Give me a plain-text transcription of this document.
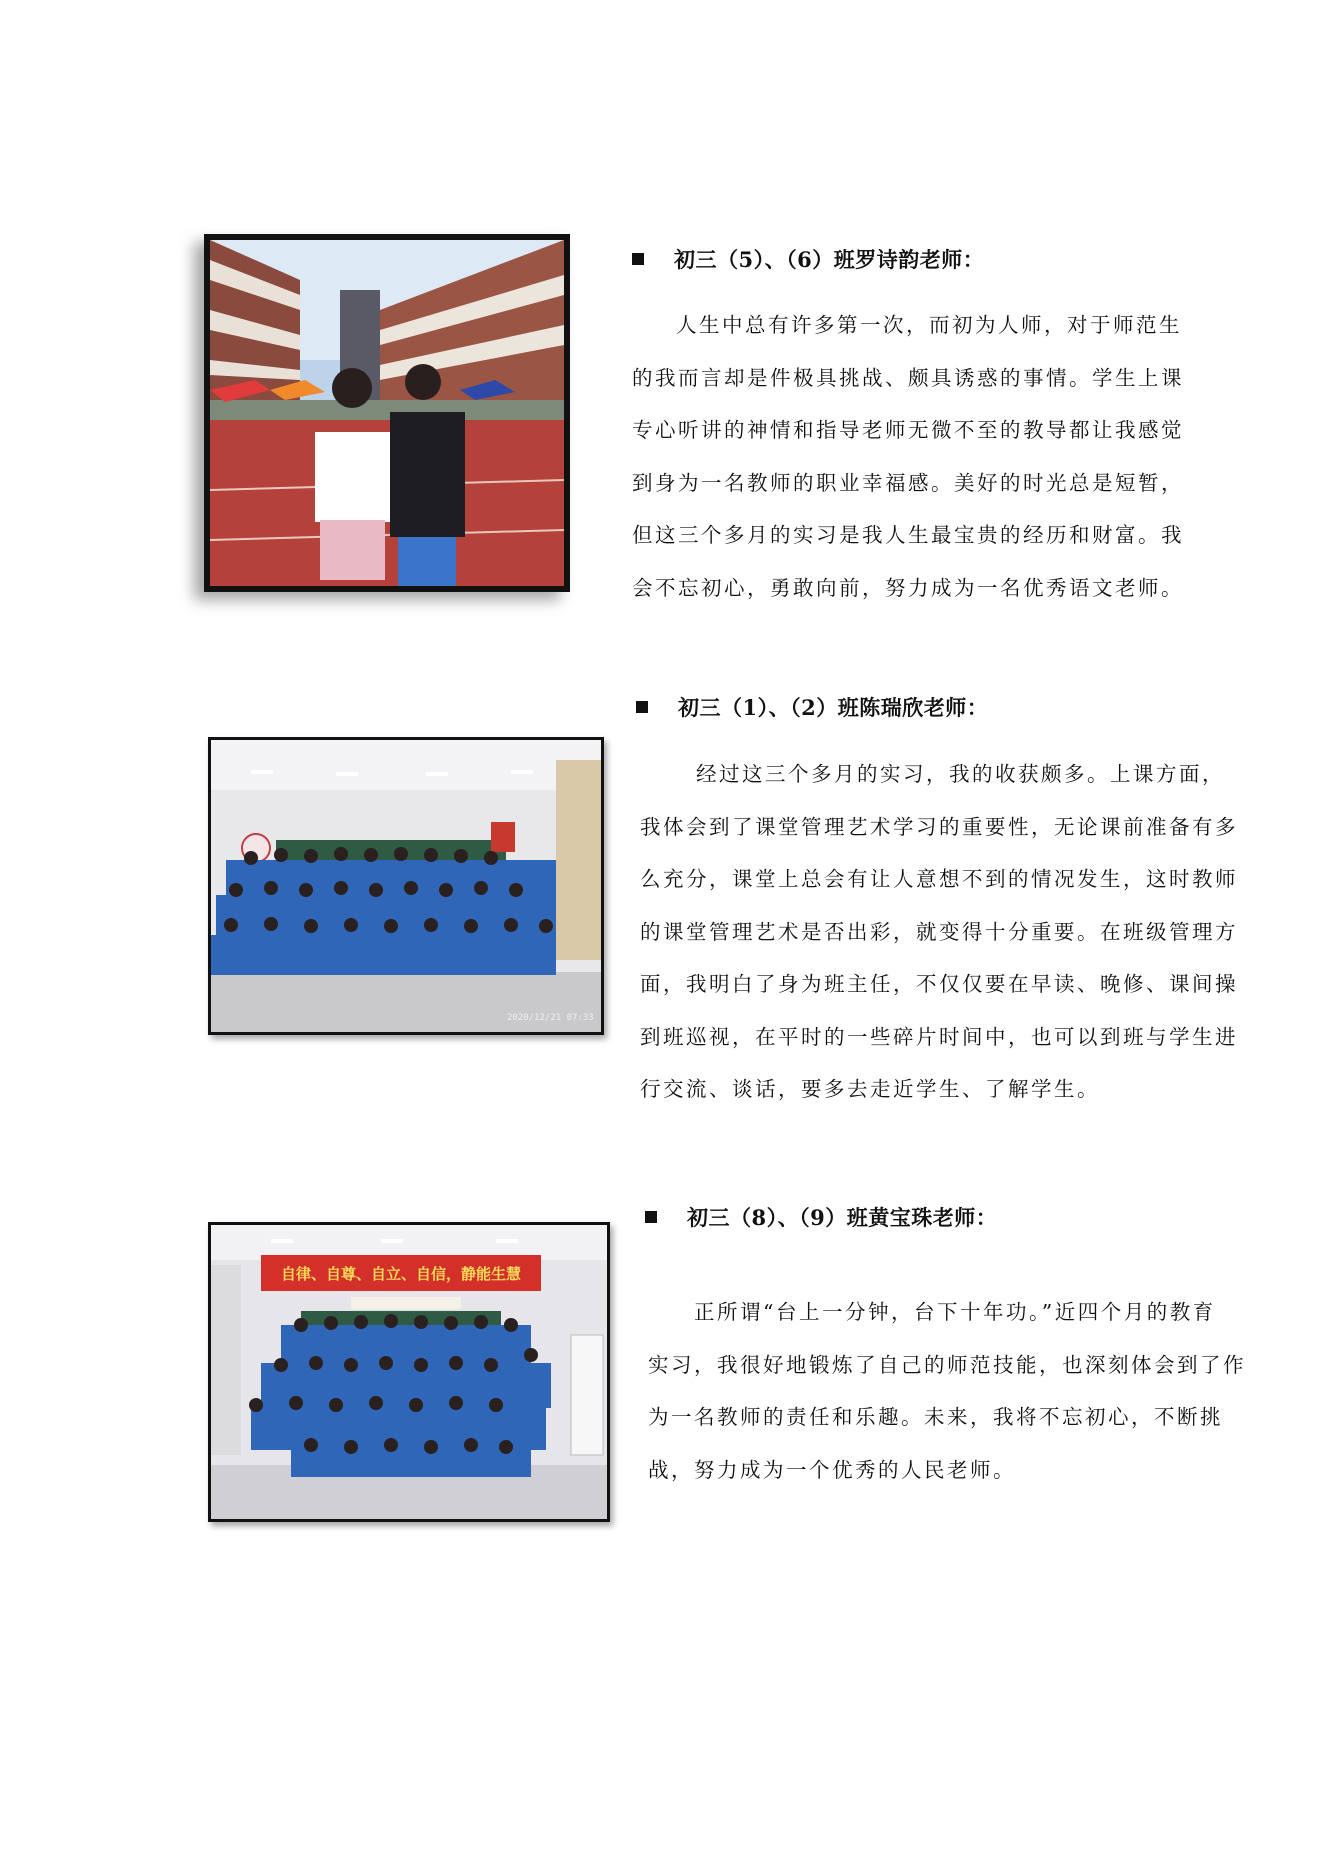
初三（5）、（6）班罗诗韵老师：
人生中总有许多第一次，而初为人师，对于师范生
的我而言却是件极具挑战、颇具诱惑的事情。学生上课
专心听讲的神情和指导老师无微不至的教导都让我感觉
到身为一名教师的职业幸福感。美好的时光总是短暂，
但这三个多月的实习是我人生最宝贵的经历和财富。我
会不忘初心，勇敢向前，努力成为一名优秀语文老师。
2020/12/21 07:33
初三（1）、（2）班陈瑞欣老师：
经过这三个多月的实习，我的收获颇多。上课方面，
我体会到了课堂管理艺术学习的重要性，无论课前准备有多
么充分，课堂上总会有让人意想不到的情况发生，这时教师
的课堂管理艺术是否出彩，就变得十分重要。在班级管理方
面，我明白了身为班主任，不仅仅要在早读、晚修、课间操
到班巡视，在平时的一些碎片时间中，也可以到班与学生进
行交流、谈话，要多去走近学生、了解学生。
自律、自尊、自立、自信，静能生慧
初三（8）、（9）班黄宝珠老师：
正所谓“台上一分钟，台下十年功。”近四个月的教育
实习，我很好地锻炼了自己的师范技能，也深刻体会到了作
为一名教师的责任和乐趣。未来，我将不忘初心，不断挑
战，努力成为一个优秀的人民老师。
